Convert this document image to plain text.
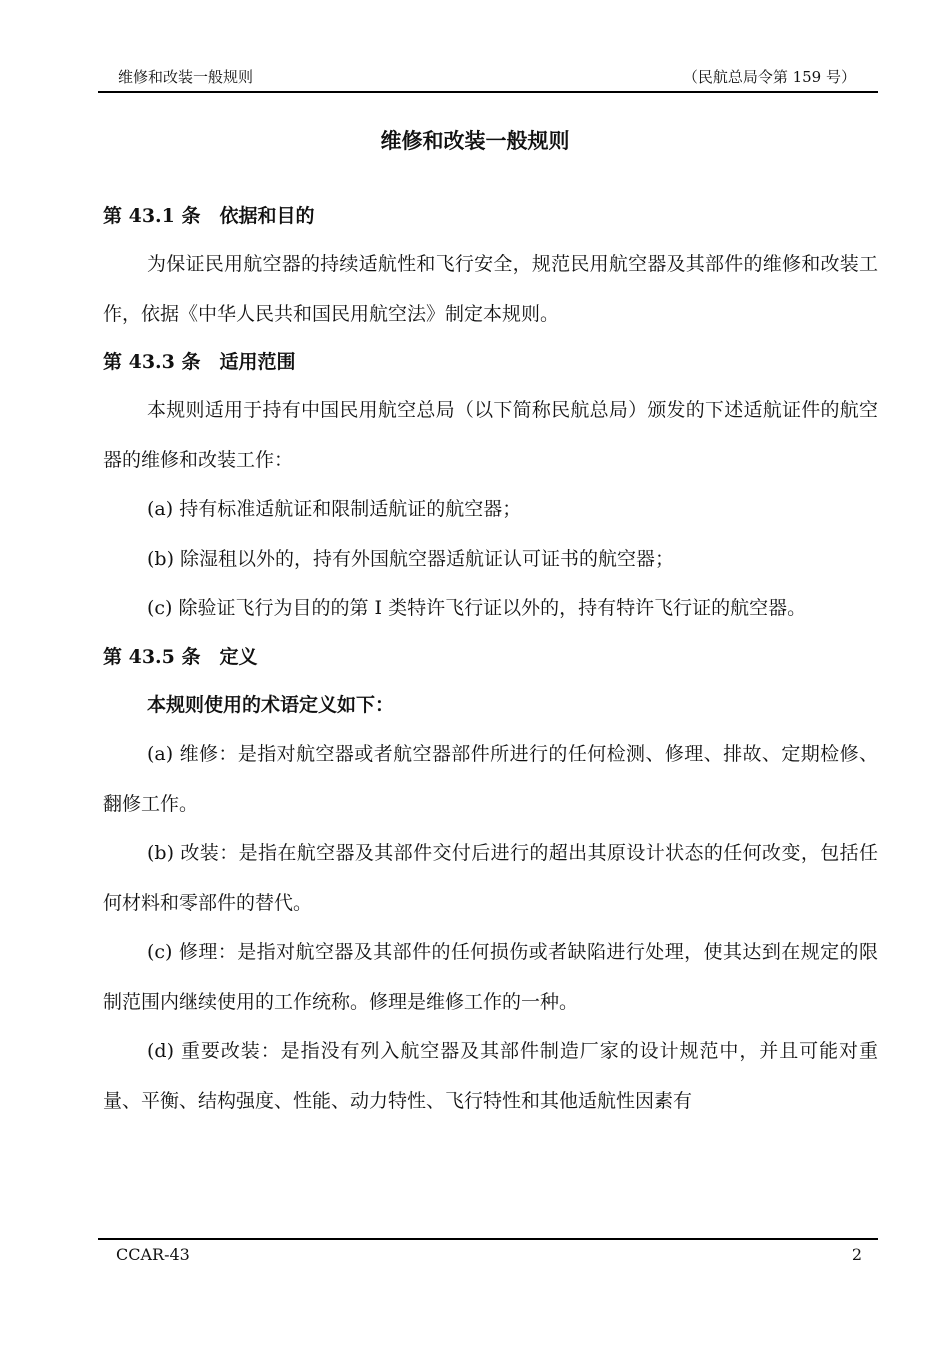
维修和改装一般规则	（民航总局令第 159 号）
维修和改装一般规则
第 43.1 条　依据和目的

为保证民用航空器的持续适航性和飞行安全，规范民用航空器及其部件的维修和改装工作，依据《中华人民共和国民用航空法》制定本规则。

第 43.3 条　适用范围

本规则适用于持有中国民用航空总局（以下简称民航总局）颁发的下述适航证件的航空器的维修和改装工作：

(a) 持有标准适航证和限制适航证的航空器；

(b) 除湿租以外的，持有外国航空器适航证认可证书的航空器；

(c) 除验证飞行为目的的第 I 类特许飞行证以外的，持有特许飞行证的航空器。

第 43.5 条　定义

本规则使用的术语定义如下：

(a) 维修：是指对航空器或者航空器部件所进行的任何检测、修理、排故、定期检修、翻修工作。

(b) 改装：是指在航空器及其部件交付后进行的超出其原设计状态的任何改变，包括任何材料和零部件的替代。

(c) 修理：是指对航空器及其部件的任何损伤或者缺陷进行处理，使其达到在规定的限制范围内继续使用的工作统称。修理是维修工作的一种。

(d) 重要改装：是指没有列入航空器及其部件制造厂家的设计规范中，并且可能对重量、平衡、结构强度、性能、动力特性、飞行特性和其他适航性因素有

CCAR-43	2
